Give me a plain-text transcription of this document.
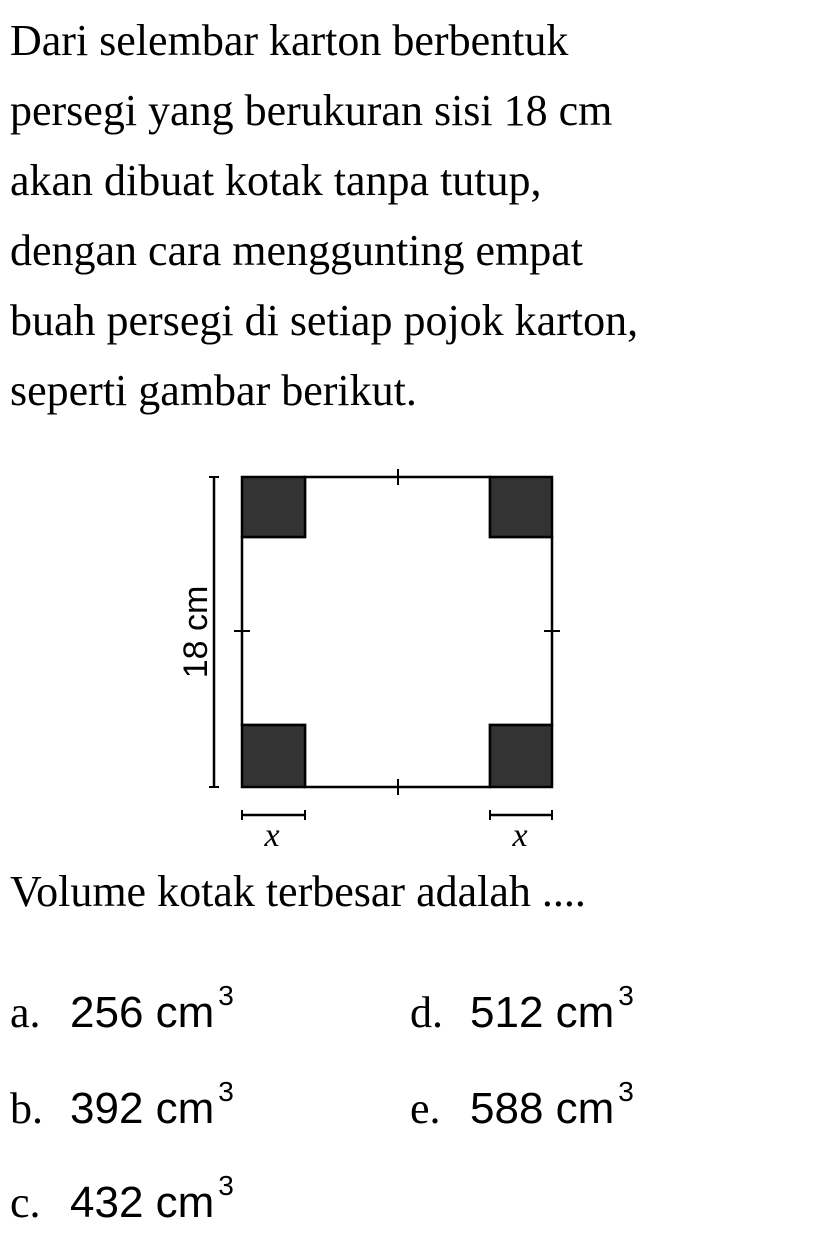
Dari selembar karton berbentuk
persegi yang berukuran sisi 18 cm
akan dibuat kotak tanpa tutup,
dengan cara menggunting empat
buah persegi di setiap pojok karton,
seperti gambar berikut.
18 cm
x	x

Volume kotak terbesar adalah ....

a. 256 cm $^3$
b. 392 cm $^3$
c. 432 cm $^3$
d. 512 cm $^3$
e. 588 cm $^3$
